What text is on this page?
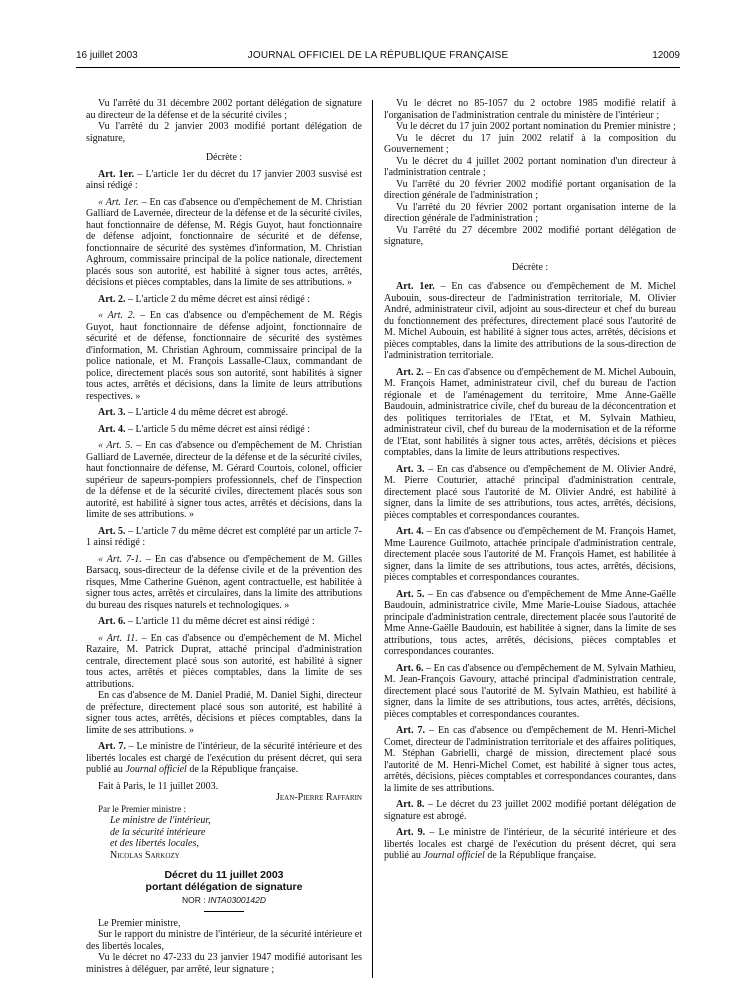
16 juillet 2003	JOURNAL OFFICIEL DE LA RÉPUBLIQUE FRANÇAISE	12009

Vu l'arrêté du 31 décembre 2002 portant délégation de signature au directeur de la défense et de la sécurité civiles ;

Vu l'arrêté du 2 janvier 2003 modifié portant délégation de signature,

Décrète :

Art. 1er. – L'article 1er du décret du 17 janvier 2003 susvisé est ainsi rédigé :

« Art. 1er. – En cas d'absence ou d'empêchement de M. Christian Galliard de Lavernée, directeur de la défense et de la sécurité civiles, haut fonctionnaire de défense, M. Régis Guyot, haut fonctionnaire de défense adjoint, fonctionnaire de sécurité et de défense, fonctionnaire de sécurité des systèmes d'information, M. Christian Aghroum, commissaire principal de la police nationale, directement placés sous son autorité, est habilité à signer tous actes, arrêtés, décisions et pièces comptables, dans la limite de ses attributions. »

Art. 2. – L'article 2 du même décret est ainsi rédigé :

« Art. 2. – En cas d'absence ou d'empêchement de M. Régis Guyot, haut fonctionnaire de défense adjoint, fonctionnaire de sécurité et de défense, fonctionnaire de sécurité des systèmes d'information, M. Christian Aghroum, commissaire principal de la police nationale, et M. François Lassalle-Claux, commandant de police, directement placés sous son autorité, sont habilités à signer tous actes, arrêtés et décisions, dans la limite de leurs attributions respectives. »

Art. 3. – L'article 4 du même décret est abrogé.

Art. 4. – L'article 5 du même décret est ainsi rédigé :

« Art. 5. – En cas d'absence ou d'empêchement de M. Christian Galliard de Lavernée, directeur de la défense et de la sécurité civiles, haut fonctionnaire de défense, M. Gérard Courtois, colonel, officier supérieur de sapeurs-pompiers professionnels, chef de l'inspection de la défense et de la sécurité civiles, directement placés sous son autorité, est habilité à signer tous actes, arrêtés et décisions, dans la limite de ses attributions. »

Art. 5. – L'article 7 du même décret est complété par un article 7-1 ainsi rédigé :

« Art. 7-1. – En cas d'absence ou d'empêchement de M. Gilles Barsacq, sous-directeur de la défense civile et de la prévention des risques, Mme Catherine Guénon, agent contractuelle, est habilitée à signer tous actes, arrêtés et circulaires, dans la limite des attributions du bureau des risques naturels et technologiques. »

Art. 6. – L'article 11 du même décret est ainsi rédigé :

« Art. 11. – En cas d'absence ou d'empêchement de M. Michel Razaire, M. Patrick Duprat, attaché principal d'administration centrale, directement placé sous son autorité, est habilité à signer tous actes, arrêtés et pièces comptables, dans la limite de ses attributions.

En cas d'absence de M. Daniel Pradié, M. Daniel Sighi, directeur de préfecture, directement placé sous son autorité, est habilité à signer tous actes, arrêtés, décisions et pièces comptables, dans la limite de ses attributions. »

Art. 7. – Le ministre de l'intérieur, de la sécurité intérieure et des libertés locales est chargé de l'exécution du présent décret, qui sera publié au Journal officiel de la République française.

Fait à Paris, le 11 juillet 2003.

Jean-Pierre Raffarin

Par le Premier ministre :

Le ministre de l'intérieur,

de la sécurité intérieure

et des libertés locales,

Nicolas Sarkozy

Décret du 11 juillet 2003
portant délégation de signature
NOR : INTA0300142D

Le Premier ministre,

Sur le rapport du ministre de l'intérieur, de la sécurité intérieure et des libertés locales,

Vu le décret no 47-233 du 23 janvier 1947 modifié autorisant les ministres à déléguer, par arrêté, leur signature ;

Vu le décret no 85-1057 du 2 octobre 1985 modifié relatif à l'organisation de l'administration centrale du ministère de l'intérieur ;

Vu le décret du 17 juin 2002 portant nomination du Premier ministre ;

Vu le décret du 17 juin 2002 relatif à la composition du Gouvernement ;

Vu le décret du 4 juillet 2002 portant nomination d'un directeur à l'administration centrale ;

Vu l'arrêté du 20 février 2002 modifié portant organisation de la direction générale de l'administration ;

Vu l'arrêté du 20 février 2002 portant organisation interne de la direction générale de l'administration ;

Vu l'arrêté du 27 décembre 2002 modifié portant délégation de signature,

Décrète :

Art. 1er. – En cas d'absence ou d'empêchement de M. Michel Aubouin, sous-directeur de l'administration territoriale, M. Olivier André, administrateur civil, adjoint au sous-directeur et chef du bureau du fonctionnement des préfectures, directement placé sous l'autorité de M. Michel Aubouin, est habilité à signer tous actes, arrêtés, décisions et pièces comptables, dans la limite des attributions de la sous-direction de l'administration territoriale.

Art. 2. – En cas d'absence ou d'empêchement de M. Michel Aubouin, M. François Hamet, administrateur civil, chef du bureau de l'action régionale et de l'aménagement du territoire, Mme Anne-Gaëlle Baudouin, administratrice civile, chef du bureau de la déconcentration et des politiques territoriales de l'Etat, et M. Sylvain Mathieu, administrateur civil, chef du bureau de la modernisation et de la réforme de l'Etat, sont habilités à signer tous actes, arrêtés, décisions et pièces comptables, dans la limite de leurs attributions respectives.

Art. 3. – En cas d'absence ou d'empêchement de M. Olivier André, M. Pierre Couturier, attaché principal d'administration centrale, directement placé sous l'autorité de M. Olivier André, est habilité à signer, dans la limite de ses attributions, tous actes, arrêtés, décisions, pièces comptables et correspondances courantes.

Art. 4. – En cas d'absence ou d'empêchement de M. François Hamet, Mme Laurence Guilmoto, attachée principale d'administration centrale, directement placée sous l'autorité de M. François Hamet, est habilitée à signer, dans la limite de ses attributions, tous actes, arrêtés, décisions, pièces comptables et correspondances courantes.

Art. 5. – En cas d'absence ou d'empêchement de Mme Anne-Gaëlle Baudouin, administratrice civile, Mme Marie-Louise Siadous, attachée principale d'administration centrale, directement placée sous l'autorité de Mme Anne-Gaëlle Baudouin, est habilitée à signer, dans la limite de ses attributions, tous actes, arrêtés, décisions, pièces comptables et correspondances courantes.

Art. 6. – En cas d'absence ou d'empêchement de M. Sylvain Mathieu, M. Jean-François Gavoury, attaché principal d'administration centrale, directement placé sous l'autorité de M. Sylvain Mathieu, est habilité à signer, dans la limite de ses attributions, tous actes, arrêtés, décisions, pièces comptables et correspondances courantes.

Art. 7. – En cas d'absence ou d'empêchement de M. Henri-Michel Comet, directeur de l'administration territoriale et des affaires politiques, M. Stéphan Gabrielli, chargé de mission, directement placé sous l'autorité de M. Henri-Michel Comet, est habilité à signer tous actes, arrêtés, décisions, pièces comptables et correspondances courantes, dans la limite de ses attributions.

Art. 8. – Le décret du 23 juillet 2002 modifié portant délégation de signature est abrogé.

Art. 9. – Le ministre de l'intérieur, de la sécurité intérieure et des libertés locales est chargé de l'exécution du présent décret, qui sera publié au Journal officiel de la République française.
